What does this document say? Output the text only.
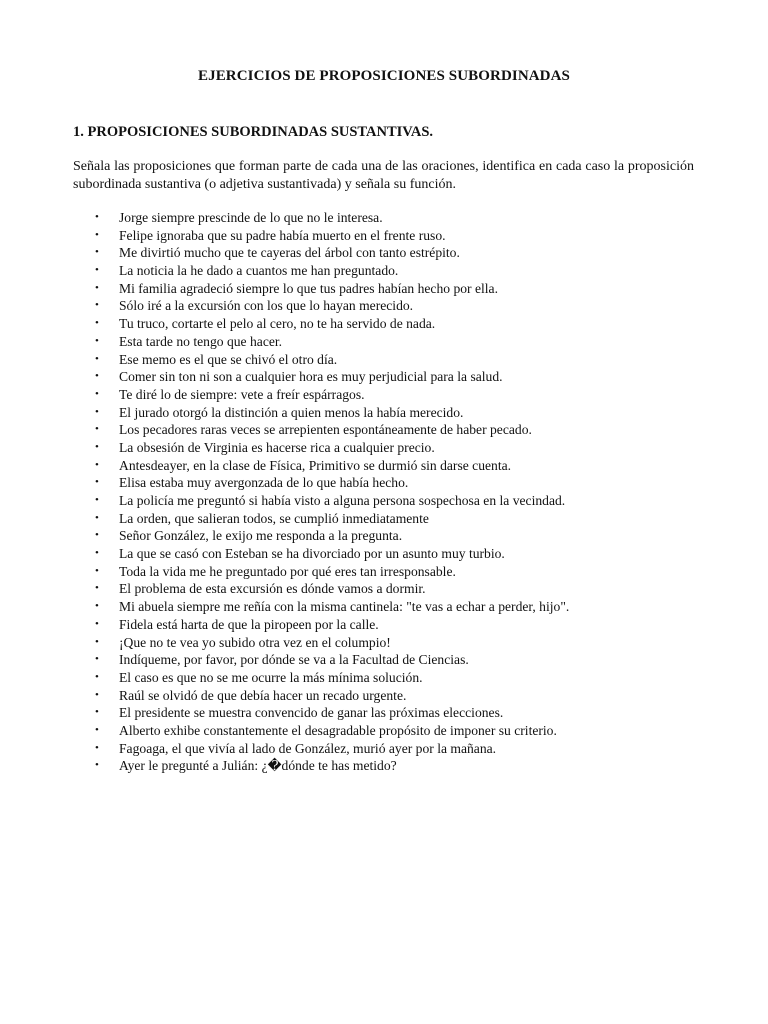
EJERCICIOS DE PROPOSICIONES SUBORDINADAS
1. PROPOSICIONES SUBORDINADAS SUSTANTIVAS.

Señala las proposiciones que forman parte de cada una de las oraciones, identifica en cada caso la proposición subordinada sustantiva (o adjetiva sustantivada) y señala su función.

• Jorge siempre prescinde de lo que no le interesa.
• Felipe ignoraba que su padre había muerto en el frente ruso.
• Me divirtió mucho que te cayeras del árbol con tanto estrépito.
• La noticia la he dado a cuantos me han preguntado.
• Mi familia agradeció siempre lo que tus padres habían hecho por ella.
• Sólo iré a la excursión con los que lo hayan merecido.
• Tu truco, cortarte el pelo al cero, no te ha servido de nada.
• Esta tarde no tengo que hacer.
• Ese memo es el que se chivó el otro día.
• Comer sin ton ni son a cualquier hora es muy perjudicial para la salud.
• Te diré lo de siempre: vete a freír espárragos.
• El jurado otorgó la distinción a quien menos la había merecido.
• Los pecadores raras veces se arrepienten espontáneamente de haber pecado.
• La obsesión de Virginia es hacerse rica a cualquier precio.
• Antesdeayer, en la clase de Física, Primitivo se durmió sin darse cuenta.
• Elisa estaba muy avergonzada de lo que había hecho.
• La policía me preguntó si había visto a alguna persona sospechosa en la vecindad.
• La orden, que salieran todos, se cumplió inmediatamente
• Señor González, le exijo me responda a la pregunta.
• La que se casó con Esteban se ha divorciado por un asunto muy turbio.
• Toda la vida me he preguntado por qué eres tan irresponsable.
• El problema de esta excursión es dónde vamos a dormir.
• Mi abuela siempre me reñía con la misma cantinela: "te vas a echar a perder, hijo".
• Fidela está harta de que la piropeen por la calle.
• ¡Que no te vea yo subido otra vez en el columpio!
• Indíqueme, por favor, por dónde se va a la Facultad de Ciencias.
• El caso es que no se me ocurre la más mínima solución.
• Raúl se olvidó de que debía hacer un recado urgente.
• El presidente se muestra convencido de ganar las próximas elecciones.
• Alberto exhibe constantemente el desagradable propósito de imponer su criterio.
• Fagoaga, el que vivía al lado de González, murió ayer por la mañana.
• Ayer le pregunté a Julián: ¿�dónde te has metido?
